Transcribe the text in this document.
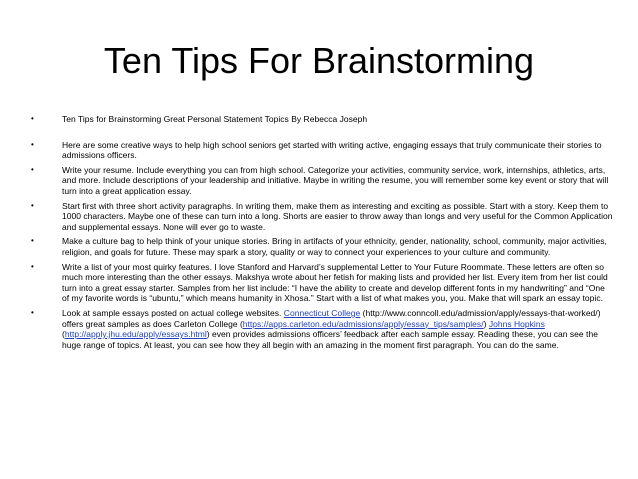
Ten Tips For Brainstorming
•	Ten Tips for Brainstorming Great Personal Statement Topics By Rebecca Joseph
•	Here are some creative ways to help high school seniors get started with writing active, engaging essays that truly communicate their stories to admissions officers.
•	Write your resume. Include everything you can from high school. Categorize your activities, community service, work, internships, athletics, arts, and more. Include descriptions of your leadership and initiative. Maybe in writing the resume, you will remember some key event or story that will turn into a great application essay.
•	Start first with three short activity paragraphs. In writing them, make them as interesting and exciting as possible. Start with a story. Keep them to 1000 characters. Maybe one of these can turn into a long. Shorts are easier to throw away than longs and very useful for the Common Application and supplemental essays. None will ever go to waste.
•	Make a culture bag to help think of your unique stories. Bring in artifacts of your ethnicity, gender, nationality, school, community, major activities, religion, and goals for future. These may spark a story, quality or way to connect your experiences to your culture and community.
•	Write a list of your most quirky features. I love Stanford and Harvard’s supplemental Letter to Your Future Roommate. These letters are often so much more interesting than the other essays. Makshya wrote about her fetish for making lists and provided her list. Every item from her list could turn into a great essay starter. Samples from her list include: “I have the ability to create and develop different fonts in my handwriting” and “One of my favorite words is “ubuntu,” which means humanity in Xhosa.” Start with a list of what makes you, you. Make that will spark an essay topic.
•	Look at sample essays posted on actual college websites. Connecticut College (http://www.conncoll.edu/admission/apply/essays-that-worked/) offers great samples as does Carleton College (https://apps.carleton.edu/admissions/apply/essay_tips/samples/) Johns Hopkins (http://apply.jhu.edu/apply/essays.html) even provides admissions officers’ feedback after each sample essay. Reading these, you can see the huge range of topics. At least, you can see how they all begin with an amazing in the moment first paragraph. You can do the same.
